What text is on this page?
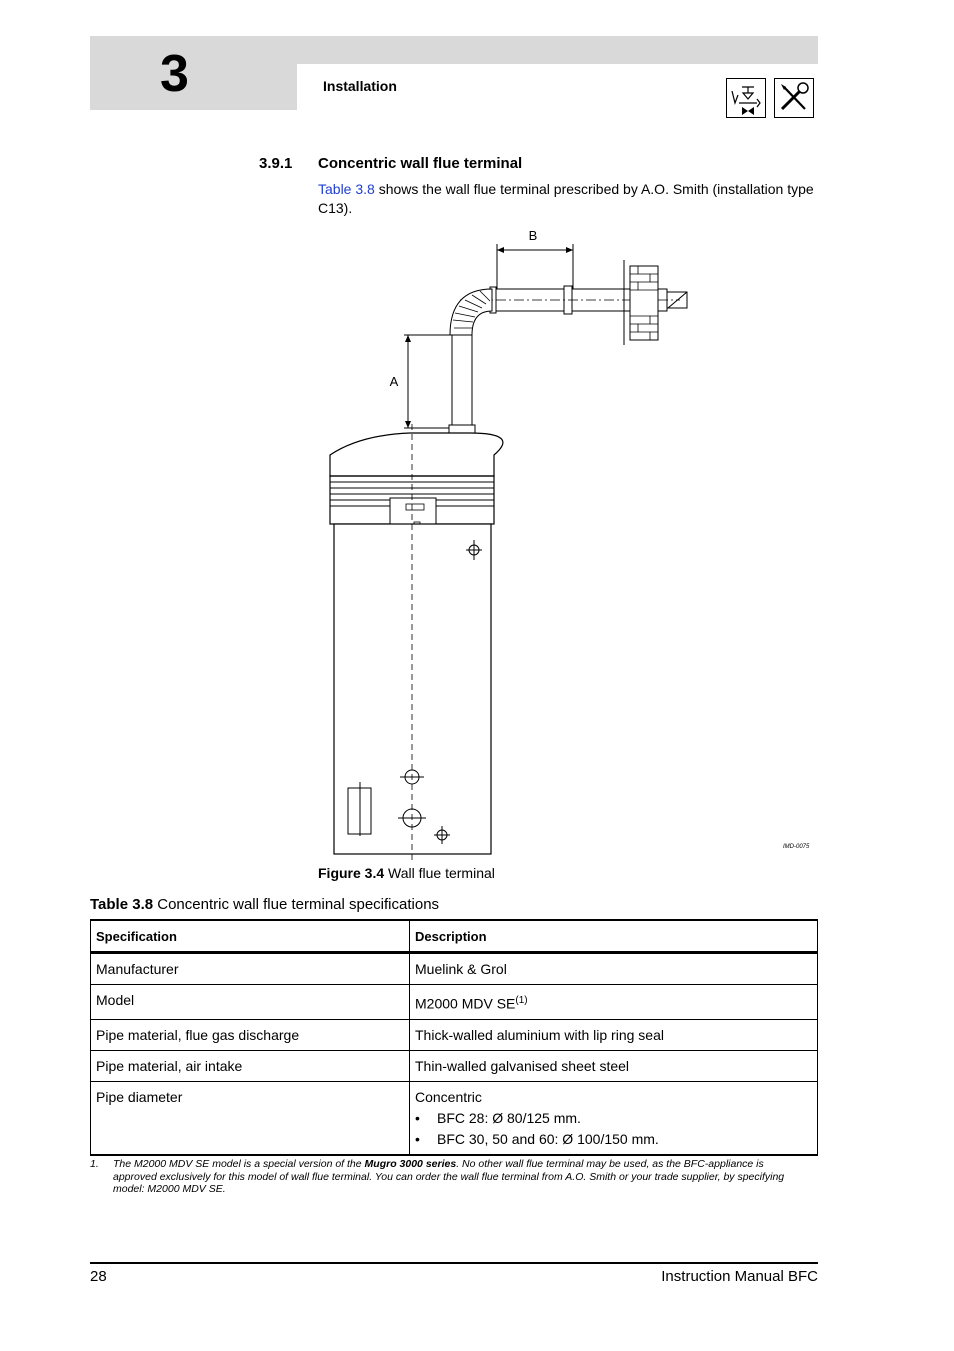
3	Installation
3.9.1 Concentric wall flue terminal
Table 3.8 shows the wall flue terminal prescribed by A.O. Smith (installation type C13).
B
A
IMD-0075
Figure 3.4 Wall flue terminal
Table 3.8 Concentric wall flue terminal specifications
Specification	Description
Manufacturer	Muelink & Grol
Model	M2000 MDV SE$^{(1)}$
Pipe material, flue gas discharge	Thick-walled aluminium with lip ring seal
Pipe material, air intake	Thin-walled galvanised sheet steel
Pipe diameter	Concentric
• BFC 28: Ø 80/125 mm.
• BFC 30, 50 and 60: Ø 100/150 mm.
1. The M2000 MDV SE model is a special version of the Mugro 3000 series. No other wall flue terminal may be used, as the BFC-appliance is approved exclusively for this model of wall flue terminal. You can order the wall flue terminal from A.O. Smith or your trade supplier, by specifying model: M2000 MDV SE.
28	Instruction Manual BFC
